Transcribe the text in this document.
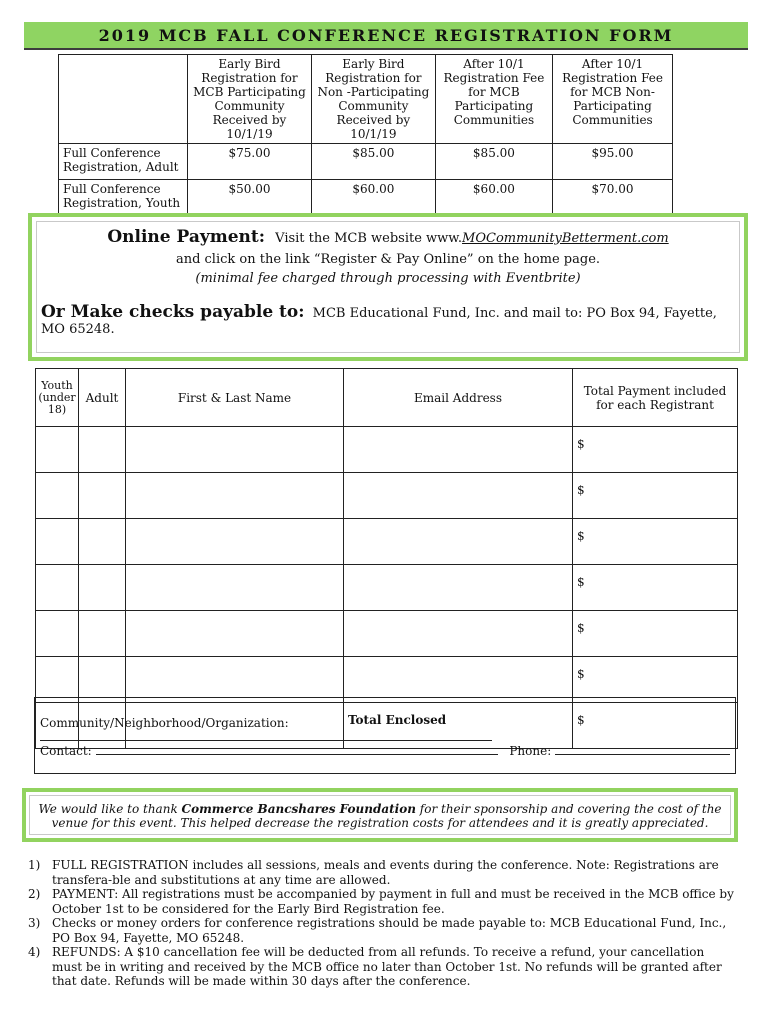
2019 MCB FALL CONFERENCE REGISTRATION FORM
	Early Bird Registration for MCB Participating Community Received by 10/1/19	Early Bird Registration for Non -Participating Community Received by 10/1/19	After 10/1 Registration Fee for MCB Participating Communities	After 10/1 Registration Fee for MCB Non-Participating Communities
Full Conference Registration, Adult	$75.00	$85.00	$85.00	$95.00
Full Conference Registration, Youth	$50.00	$60.00	$60.00	$70.00
Online Payment: Visit the MCB website www.MOCommunityBetterment.com
and click on the link “Register & Pay Online” on the home page.
(minimal fee charged through processing with Eventbrite)
Or Make checks payable to: MCB Educational Fund, Inc. and mail to: PO Box 94, Fayette, MO 65248.
Youth (under 18)	Adult	First & Last Name	Email Address	Total Payment included for each Registrant
				$
				$
				$
				$
				$
				$
			Total Enclosed	$
Community/Neighborhood/Organization:
Contact:	Phone:
We would like to thank Commerce Bancshares Foundation for their sponsorship and covering the cost of the
venue for this event. This helped decrease the registration costs for attendees and it is greatly appreciated.
1) FULL REGISTRATION includes all sessions, meals and events during the conference. Note: Registrations are transfera-ble and substitutions at any time are allowed.
2) PAYMENT: All registrations must be accompanied by payment in full and must be received in the MCB office by October 1st to be considered for the Early Bird Registration fee.
3) Checks or money orders for conference registrations should be made payable to: MCB Educational Fund, Inc., PO Box 94, Fayette, MO 65248.
4) REFUNDS: A $10 cancellation fee will be deducted from all refunds. To receive a refund, your cancellation must be in writing and received by the MCB office no later than October 1st. No refunds will be granted after that date. Refunds will be made within 30 days after the conference.
